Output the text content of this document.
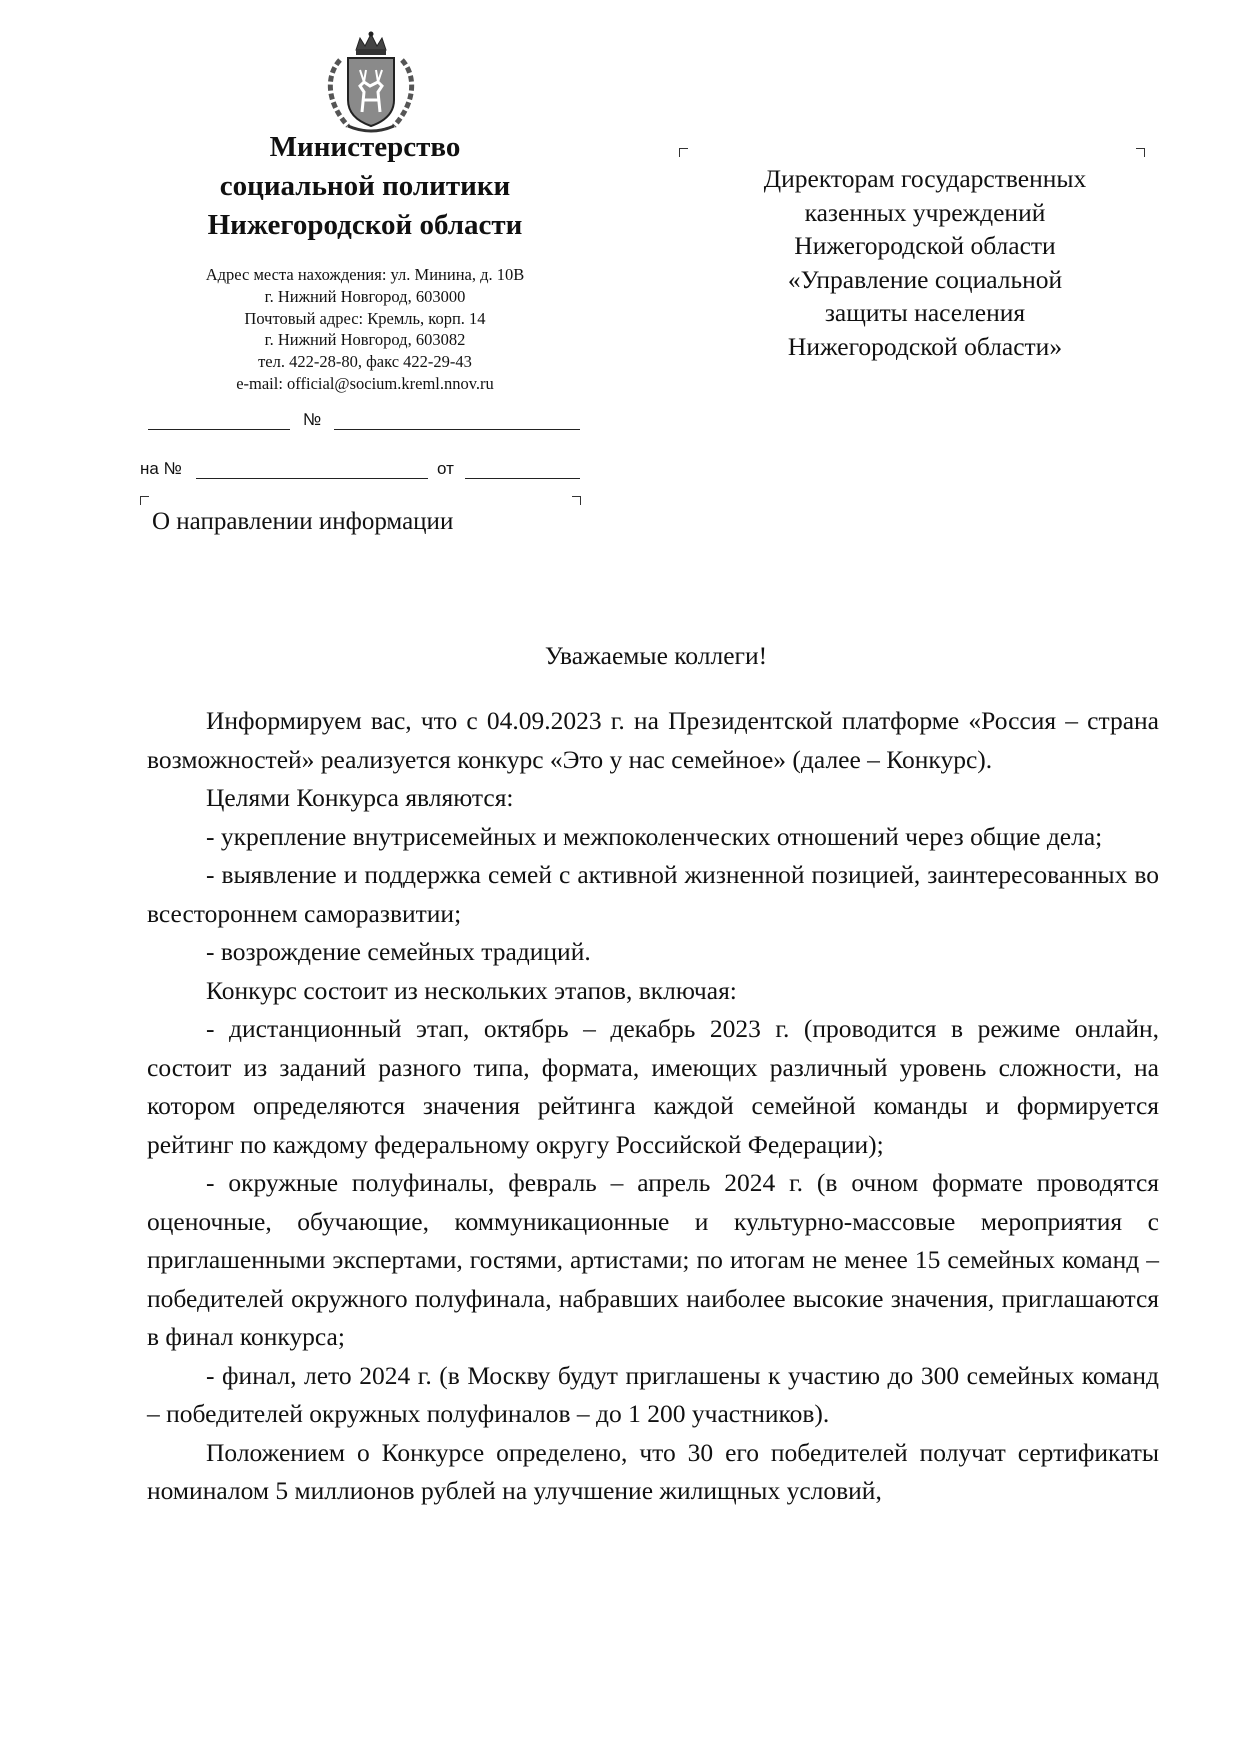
Министерство
социальной политики
Нижегородской области
Адрес места нахождения: ул. Минина, д. 10В
г. Нижний Новгород, 603000
Почтовый адрес: Кремль, корп. 14
г. Нижний Новгород, 603082
тел. 422-28-80, факс 422-29-43
e-mail: official@socium.kreml.nnov.ru
№
на №	от
О направлении информации
Директорам государственных
казенных учреждений
Нижегородской области
«Управление социальной
защиты населения
Нижегородской области»
Уважаемые коллеги!

Информируем вас, что с 04.09.2023 г. на Президентской платформе «Россия – страна возможностей» реализуется конкурс «Это у нас семейное» (далее – Конкурс).

Целями Конкурса являются:

- укрепление внутрисемейных и межпоколенческих отношений через общие дела;

- выявление и поддержка семей с активной жизненной позицией, заинтересованных во всестороннем саморазвитии;

- возрождение семейных традиций.

Конкурс состоит из нескольких этапов, включая:

- дистанционный этап, октябрь – декабрь 2023 г. (проводится в режиме онлайн, состоит из заданий разного типа, формата, имеющих различный уровень сложности, на котором определяются значения рейтинга каждой семейной команды и формируется рейтинг по каждому федеральному округу Российской Федерации);

- окружные полуфиналы, февраль – апрель 2024 г. (в очном формате проводятся оценочные, обучающие, коммуникационные и культурно-массовые мероприятия с приглашенными экспертами, гостями, артистами; по итогам не менее 15 семейных команд – победителей окружного полуфинала, набравших наиболее высокие значения, приглашаются в финал конкурса;

- финал, лето 2024 г. (в Москву будут приглашены к участию до 300 семейных команд – победителей окружных полуфиналов – до 1 200 участников).

Положением о Конкурсе определено, что 30 его победителей получат сертификаты номиналом 5 миллионов рублей на улучшение жилищных условий,
